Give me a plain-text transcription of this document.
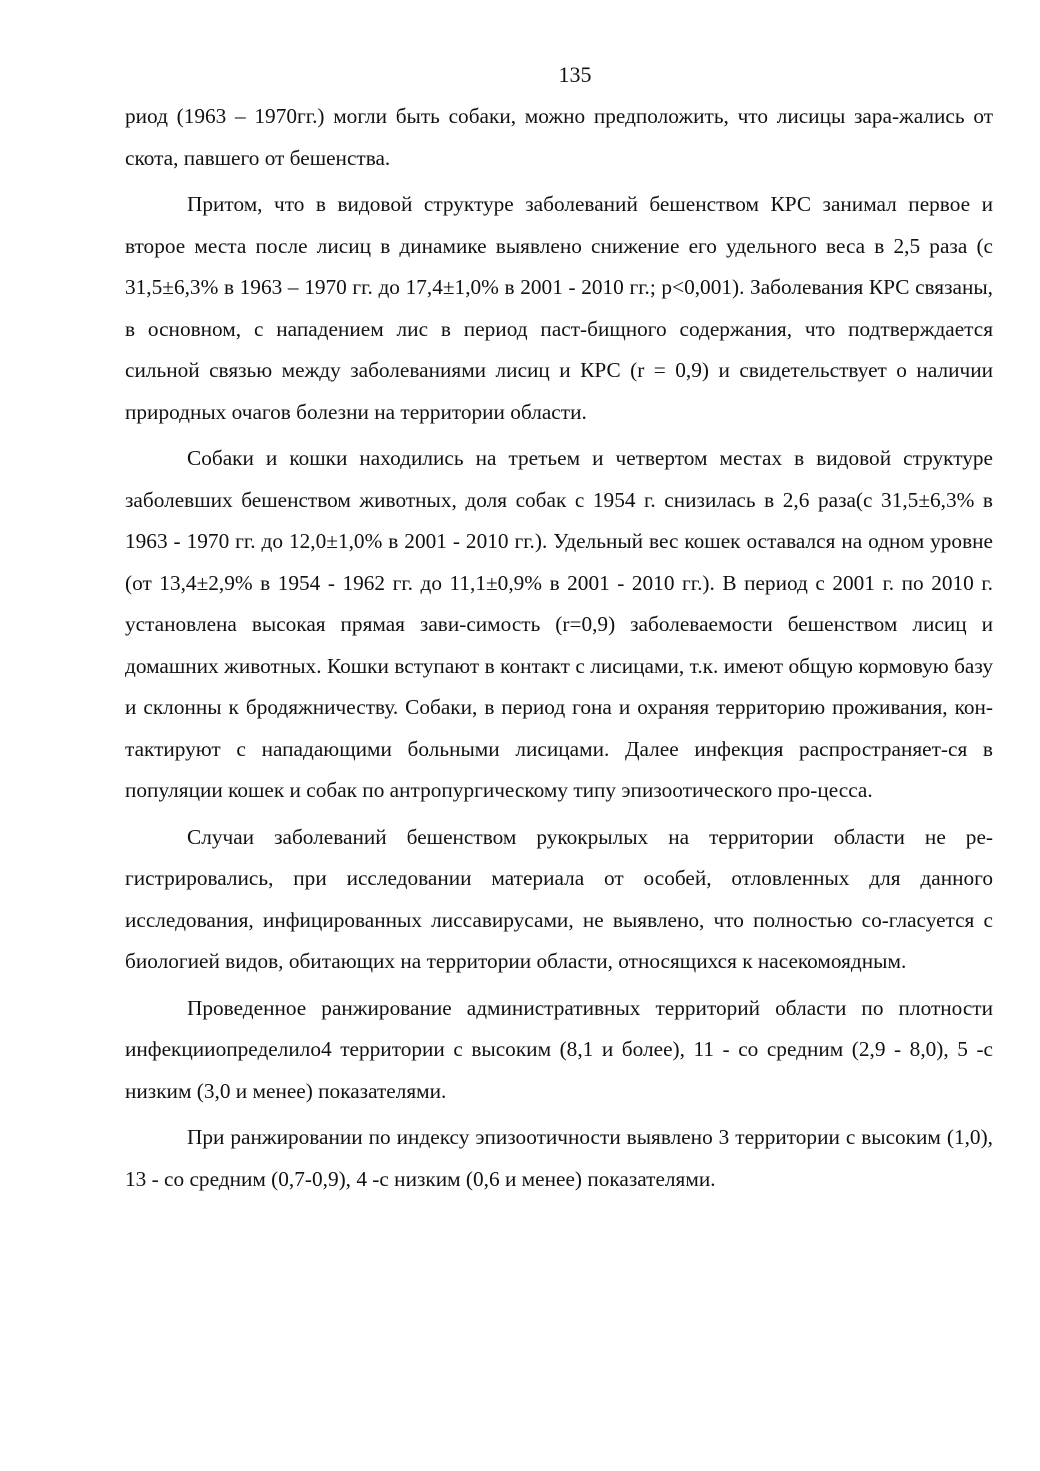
135

риод (1963 – 1970гг.) могли быть собаки, можно предположить, что лисицы зара-жались от скота, павшего от бешенства.

Притом, что в видовой структуре заболеваний бешенством КРС занимал первое и второе места после лисиц в динамике выявлено снижение его удельного веса в 2,5 раза (с 31,5±6,3% в 1963 – 1970 гг. до 17,4±1,0% в 2001 - 2010 гг.; р<0,001). Заболевания КРС связаны, в основном, с нападением лис в период паст-бищного содержания, что подтверждается сильной связью между заболеваниями лисиц и КРС (r = 0,9) и свидетельствует о наличии природных очагов болезни на территории области.

Собаки и кошки находились на третьем и четвертом местах в видовой структуре заболевших бешенством животных, доля собак с 1954 г. снизилась в 2,6 раза(с 31,5±6,3% в 1963 - 1970 гг. до 12,0±1,0% в 2001 - 2010 гг.). Удельный вес кошек оставался на одном уровне (от 13,4±2,9% в 1954 - 1962 гг. до 11,1±0,9% в 2001 - 2010 гг.). В период с 2001 г. по 2010 г. установлена высокая прямая зави-симость (r=0,9) заболеваемости бешенством лисиц и домашних животных. Кошки вступают в контакт с лисицами, т.к. имеют общую кормовую базу и склонны к бродяжничеству. Собаки, в период гона и охраняя территорию проживания, кон-тактируют с нападающими больными лисицами. Далее инфекция распространяет-ся в популяции кошек и собак по антропургическому типу эпизоотического про-цесса.

Случаи заболеваний бешенством рукокрылых на территории области не ре-гистрировались, при исследовании материала от особей, отловленных для данного исследования, инфицированных лиссавирусами, не выявлено, что полностью со-гласуется с биологией видов, обитающих на территории области, относящихся к насекомоядным.

Проведенное ранжирование административных территорий области по плотности инфекцииопределило4 территории с высоким (8,1 и более), 11 - со средним (2,9 - 8,0), 5 -с низким (3,0 и менее) показателями.

При ранжировании по индексу эпизоотичности выявлено 3 территории с высоким (1,0), 13 - со средним (0,7-0,9), 4 -с низким (0,6 и менее) показателями.
